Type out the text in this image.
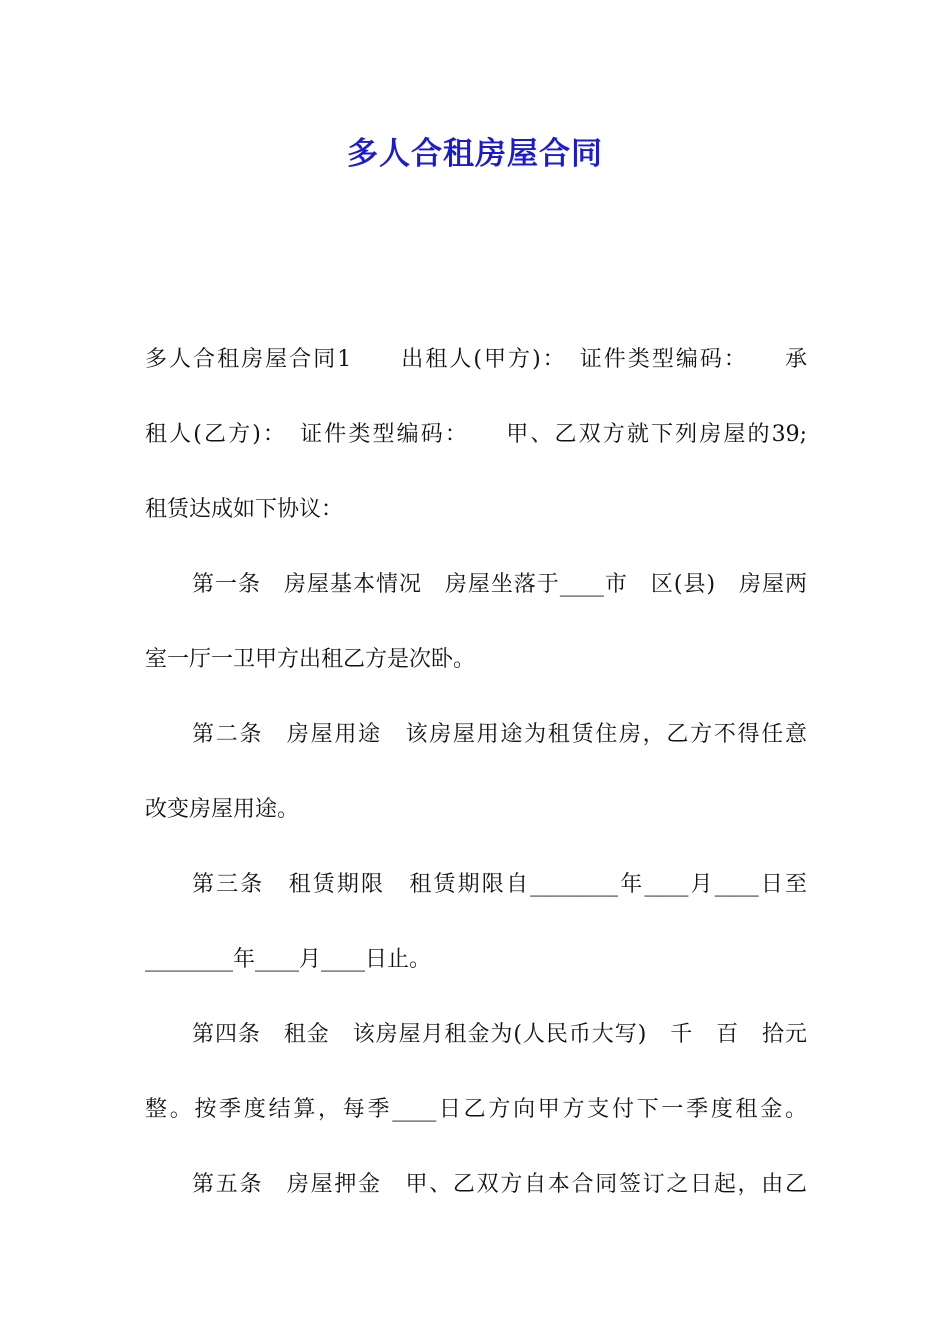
多人合租房屋合同
多人合租房屋合同1　　出租人(甲方)：　证件类型编码：　　承
租人(乙方)：　证件类型编码：　　甲、乙双方就下列房屋的39;
租赁达成如下协议：
第一条　房屋基本情况　房屋坐落于____市　区(县)　房屋两
室一厅一卫甲方出租乙方是次卧。
第二条　房屋用途　该房屋用途为租赁住房，乙方不得任意
改变房屋用途。
第三条　租赁期限　租赁期限自________年____月____日至
________年____月____日止。
第四条　租金　该房屋月租金为(人民币大写)　千　百　拾元
整。按季度结算，每季____日乙方向甲方支付下一季度租金。
第五条　房屋押金　甲、乙双方自本合同签订之日起，由乙
